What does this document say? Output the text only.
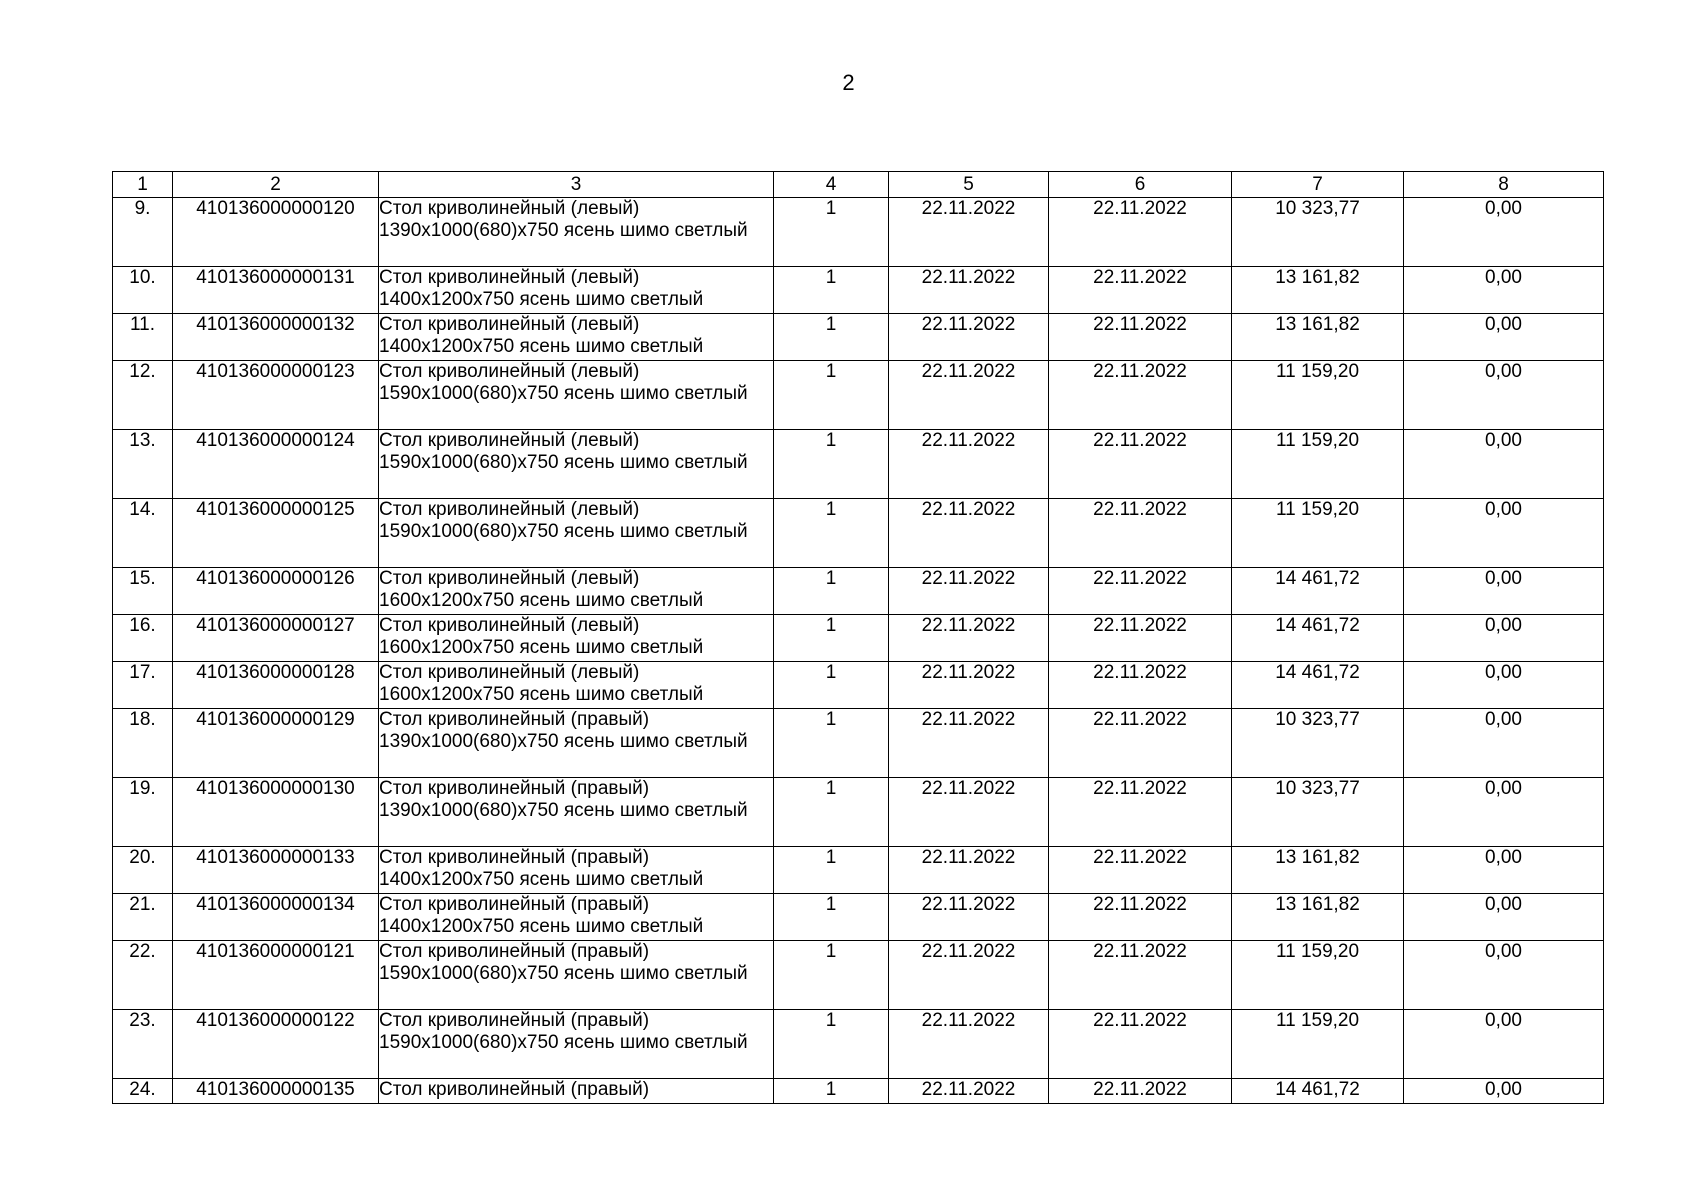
2
1	2	3	4	5	6	7	8
9.	410136000000120	Стол криволинейный (левый) 1390х1000(680)х750 ясень шимо светлый	1	22.11.2022	22.11.2022	10 323,77	0,00
10.	410136000000131	Стол криволинейный (левый) 1400х1200х750 ясень шимо светлый	1	22.11.2022	22.11.2022	13 161,82	0,00
11.	410136000000132	Стол криволинейный (левый) 1400х1200х750 ясень шимо светлый	1	22.11.2022	22.11.2022	13 161,82	0,00
12.	410136000000123	Стол криволинейный (левый) 1590х1000(680)х750 ясень шимо светлый	1	22.11.2022	22.11.2022	11 159,20	0,00
13.	410136000000124	Стол криволинейный (левый) 1590х1000(680)х750 ясень шимо светлый	1	22.11.2022	22.11.2022	11 159,20	0,00
14.	410136000000125	Стол криволинейный (левый) 1590х1000(680)х750 ясень шимо светлый	1	22.11.2022	22.11.2022	11 159,20	0,00
15.	410136000000126	Стол криволинейный (левый) 1600х1200х750 ясень шимо светлый	1	22.11.2022	22.11.2022	14 461,72	0,00
16.	410136000000127	Стол криволинейный (левый) 1600х1200х750 ясень шимо светлый	1	22.11.2022	22.11.2022	14 461,72	0,00
17.	410136000000128	Стол криволинейный (левый) 1600х1200х750 ясень шимо светлый	1	22.11.2022	22.11.2022	14 461,72	0,00
18.	410136000000129	Стол криволинейный (правый) 1390х1000(680)х750 ясень шимо светлый	1	22.11.2022	22.11.2022	10 323,77	0,00
19.	410136000000130	Стол криволинейный (правый) 1390х1000(680)х750 ясень шимо светлый	1	22.11.2022	22.11.2022	10 323,77	0,00
20.	410136000000133	Стол криволинейный (правый) 1400х1200х750 ясень шимо светлый	1	22.11.2022	22.11.2022	13 161,82	0,00
21.	410136000000134	Стол криволинейный (правый) 1400х1200х750 ясень шимо светлый	1	22.11.2022	22.11.2022	13 161,82	0,00
22.	410136000000121	Стол криволинейный (правый) 1590х1000(680)х750 ясень шимо светлый	1	22.11.2022	22.11.2022	11 159,20	0,00
23.	410136000000122	Стол криволинейный (правый) 1590х1000(680)х750 ясень шимо светлый	1	22.11.2022	22.11.2022	11 159,20	0,00
24.	410136000000135	Стол криволинейный (правый)	1	22.11.2022	22.11.2022	14 461,72	0,00
